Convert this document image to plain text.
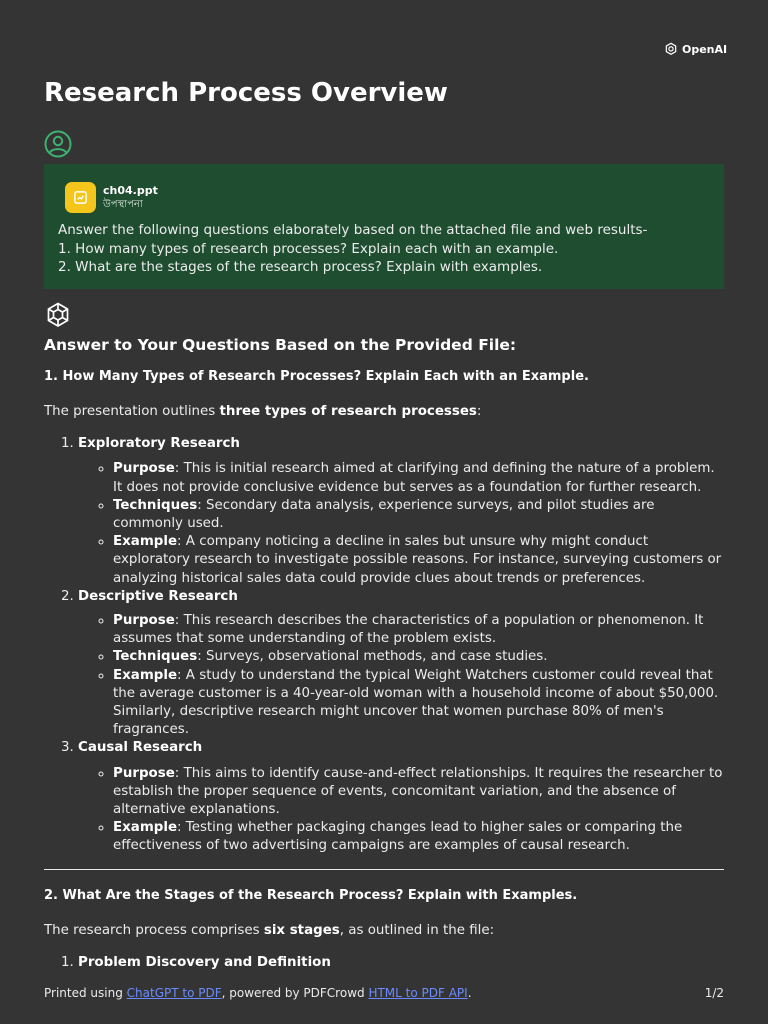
OpenAI
Research Process Overview
ch04.ppt
উপস্থাপনা
Answer the following questions elaborately based on the attached file and web results-
1. How many types of research processes? Explain each with an example.
2. What are the stages of the research process? Explain with examples.
Answer to Your Questions Based on the Provided File:
1. How Many Types of Research Processes? Explain Each with an Example.

The presentation outlines three types of research processes:

1. Exploratory Research
◦ Purpose: This is initial research aimed at clarifying and defining the nature of a problem. It does not provide conclusive evidence but serves as a foundation for further research.
◦ Techniques: Secondary data analysis, experience surveys, and pilot studies are commonly used.
◦ Example: A company noticing a decline in sales but unsure why might conduct exploratory research to investigate possible reasons. For instance, surveying customers or analyzing historical sales data could provide clues about trends or preferences.
2. Descriptive Research
◦ Purpose: This research describes the characteristics of a population or phenomenon. It assumes that some understanding of the problem exists.
◦ Techniques: Surveys, observational methods, and case studies.
◦ Example: A study to understand the typical Weight Watchers customer could reveal that the average customer is a 40-year-old woman with a household income of about $50,000. Similarly, descriptive research might uncover that women purchase 80% of men's fragrances.
3. Causal Research
◦ Purpose: This aims to identify cause-and-effect relationships. It requires the researcher to establish the proper sequence of events, concomitant variation, and the absence of alternative explanations.
◦ Example: Testing whether packaging changes lead to higher sales or comparing the effectiveness of two advertising campaigns are examples of causal research.
2. What Are the Stages of the Research Process? Explain with Examples.

The research process comprises six stages, as outlined in the file:

1. Problem Discovery and Definition
Printed using ChatGPT to PDF, powered by PDFCrowd HTML to PDF API.	1/2
